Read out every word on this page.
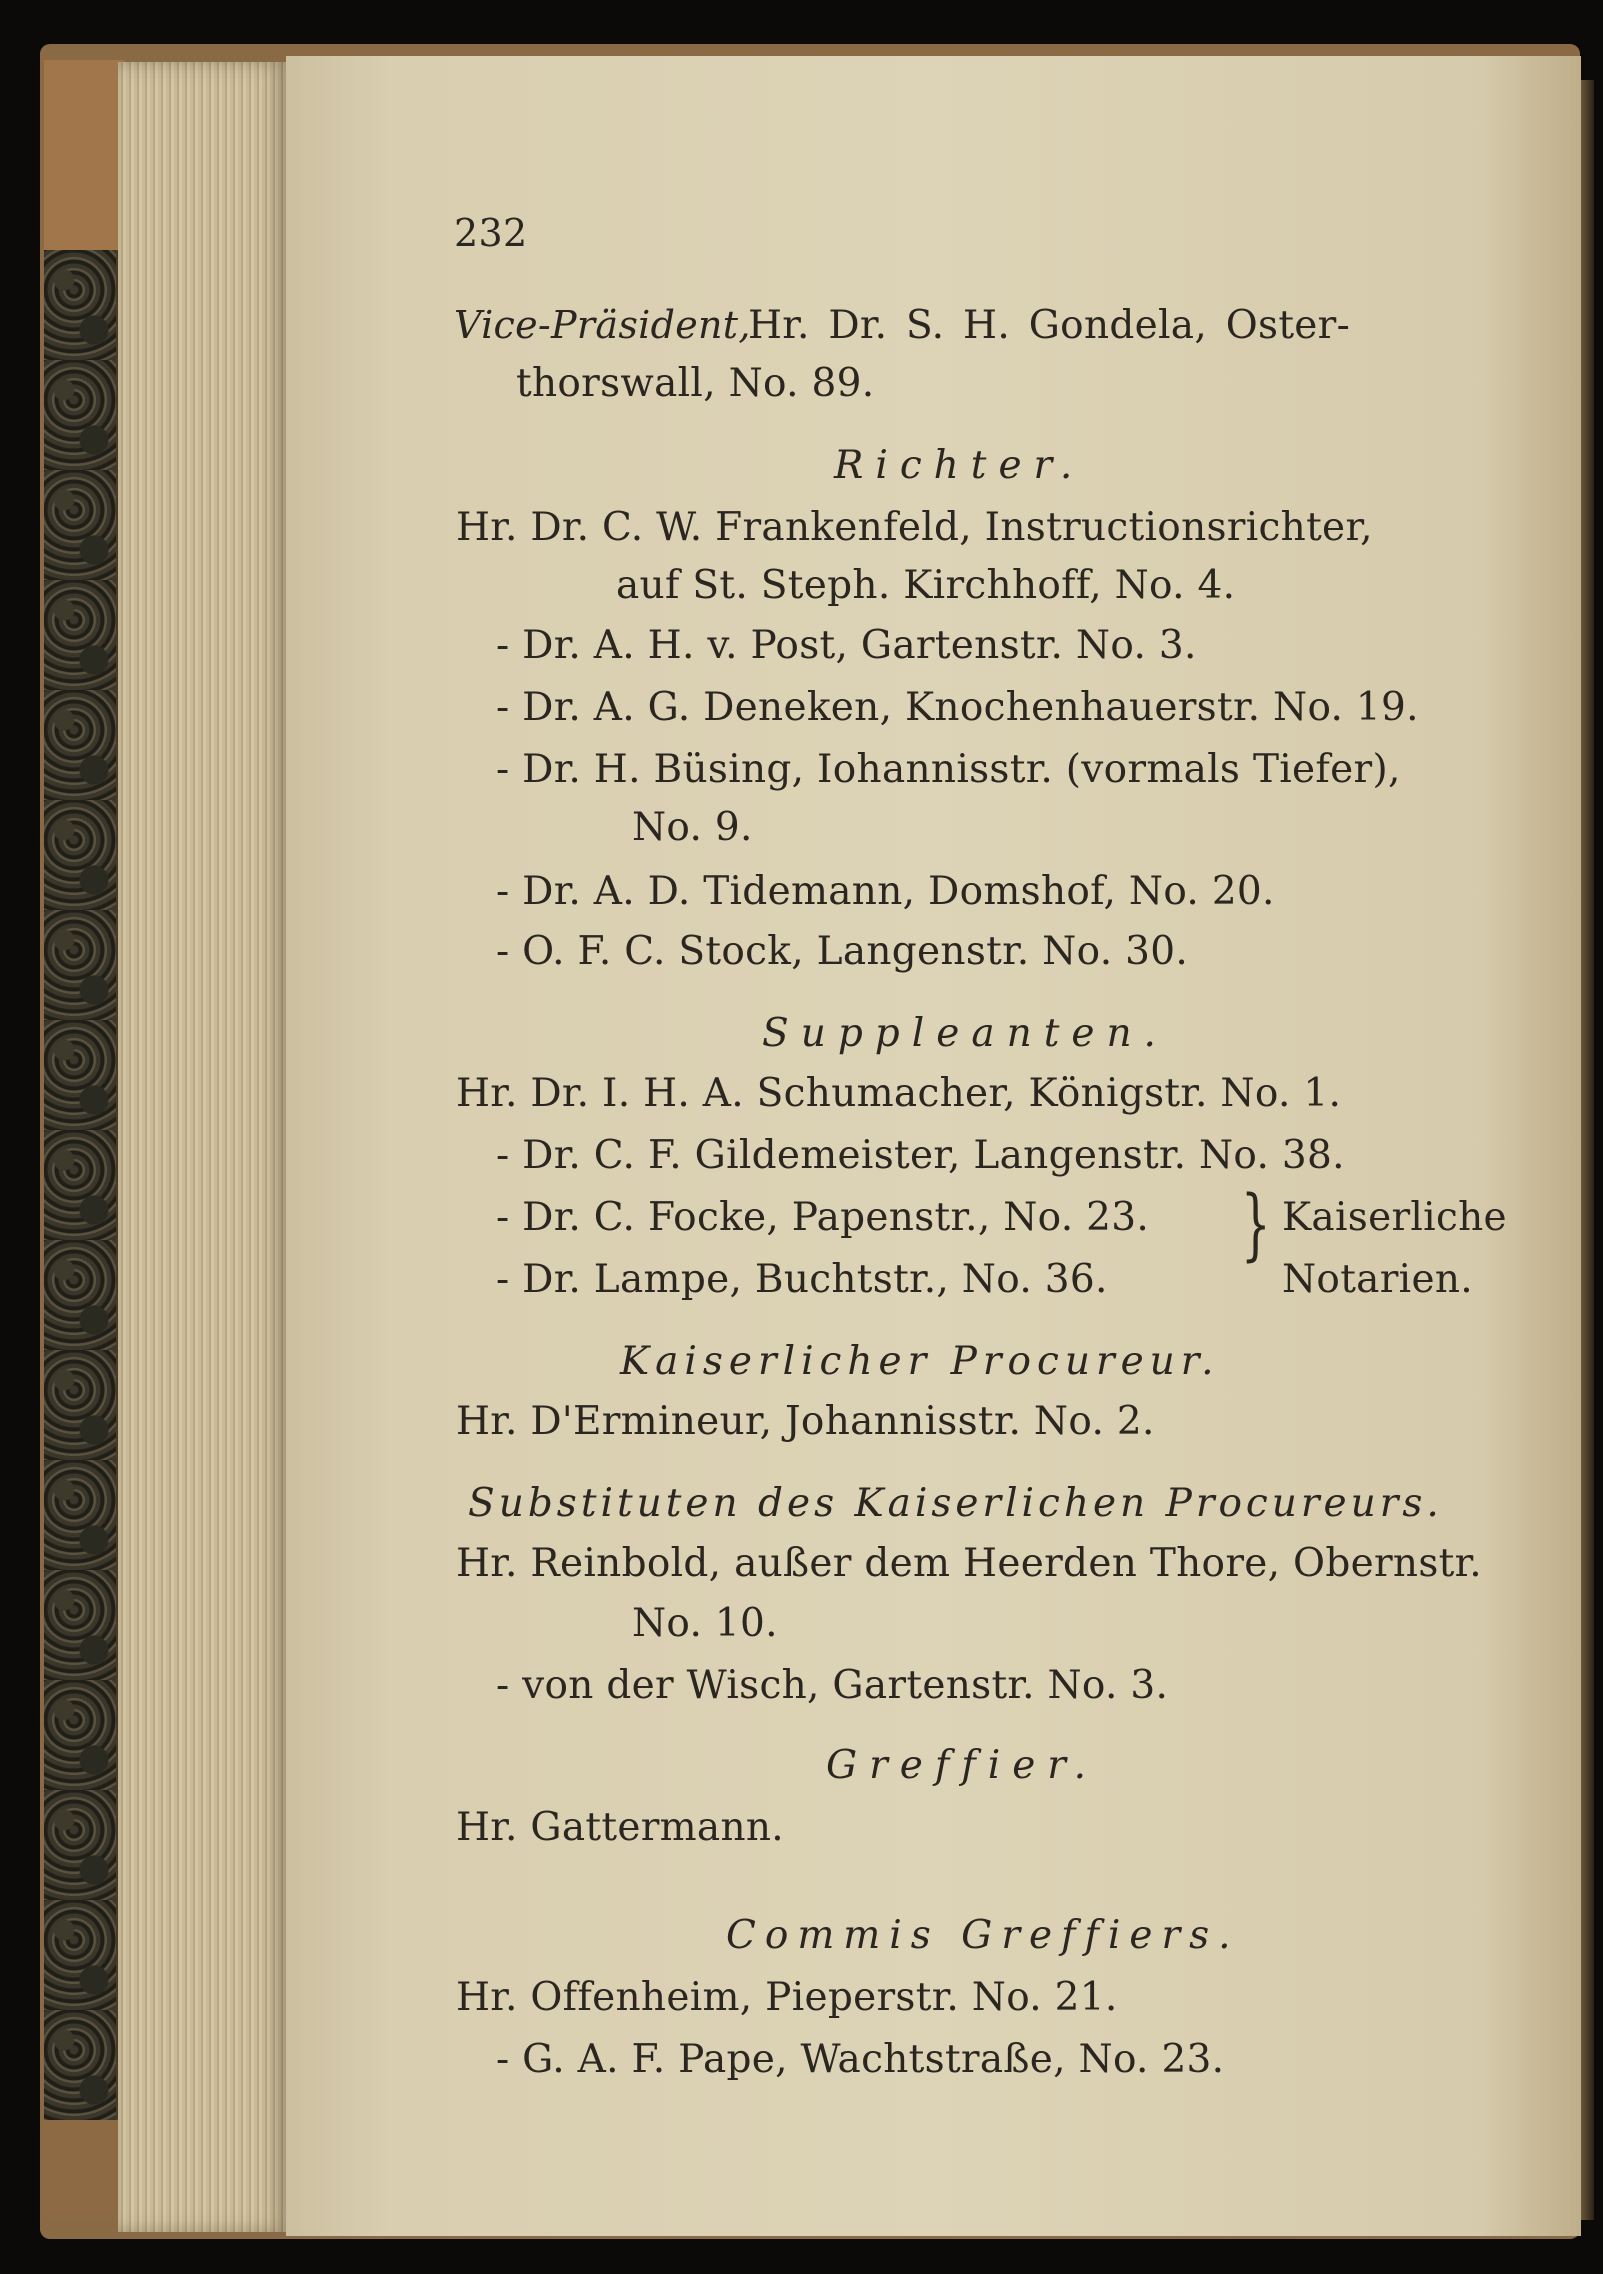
232
Vice-Präsident,
Hr. Dr. S. H. Gondela, Oster-
thorswall, No. 89.
Richter.
Hr. Dr. C. W. Frankenfeld, Instructionsrichter,
auf St. Steph. Kirchhoff, No. 4.
- Dr. A. H. v. Post, Gartenstr. No. 3.
- Dr. A. G. Deneken, Knochenhauerstr. No. 19.
- Dr. H. Büsing, Iohannisstr. (vormals Tiefer),
No. 9.
- Dr. A. D. Tidemann, Domshof, No. 20.
- O. F. C. Stock, Langenstr. No. 30.
Suppleanten.
Hr. Dr. I. H. A. Schumacher, Königstr. No. 1.
- Dr. C. F. Gildemeister, Langenstr. No. 38.
- Dr. C. Focke, Papenstr., No. 23.
- Dr. Lampe, Buchtstr., No. 36.
} Kaiserliche
Notarien.
Kaiserlicher Procureur.
Hr. D'Ermineur, Johannisstr. No. 2.
Substituten des Kaiserlichen Procureurs.
Hr. Reinbold, außer dem Heerden Thore, Obernstr.
No. 10.
- von der Wisch, Gartenstr. No. 3.
Greffier.
Hr. Gattermann.
Commis Greffiers.
Hr. Offenheim, Pieperstr. No. 21.
- G. A. F. Pape, Wachtstraße, No. 23.
